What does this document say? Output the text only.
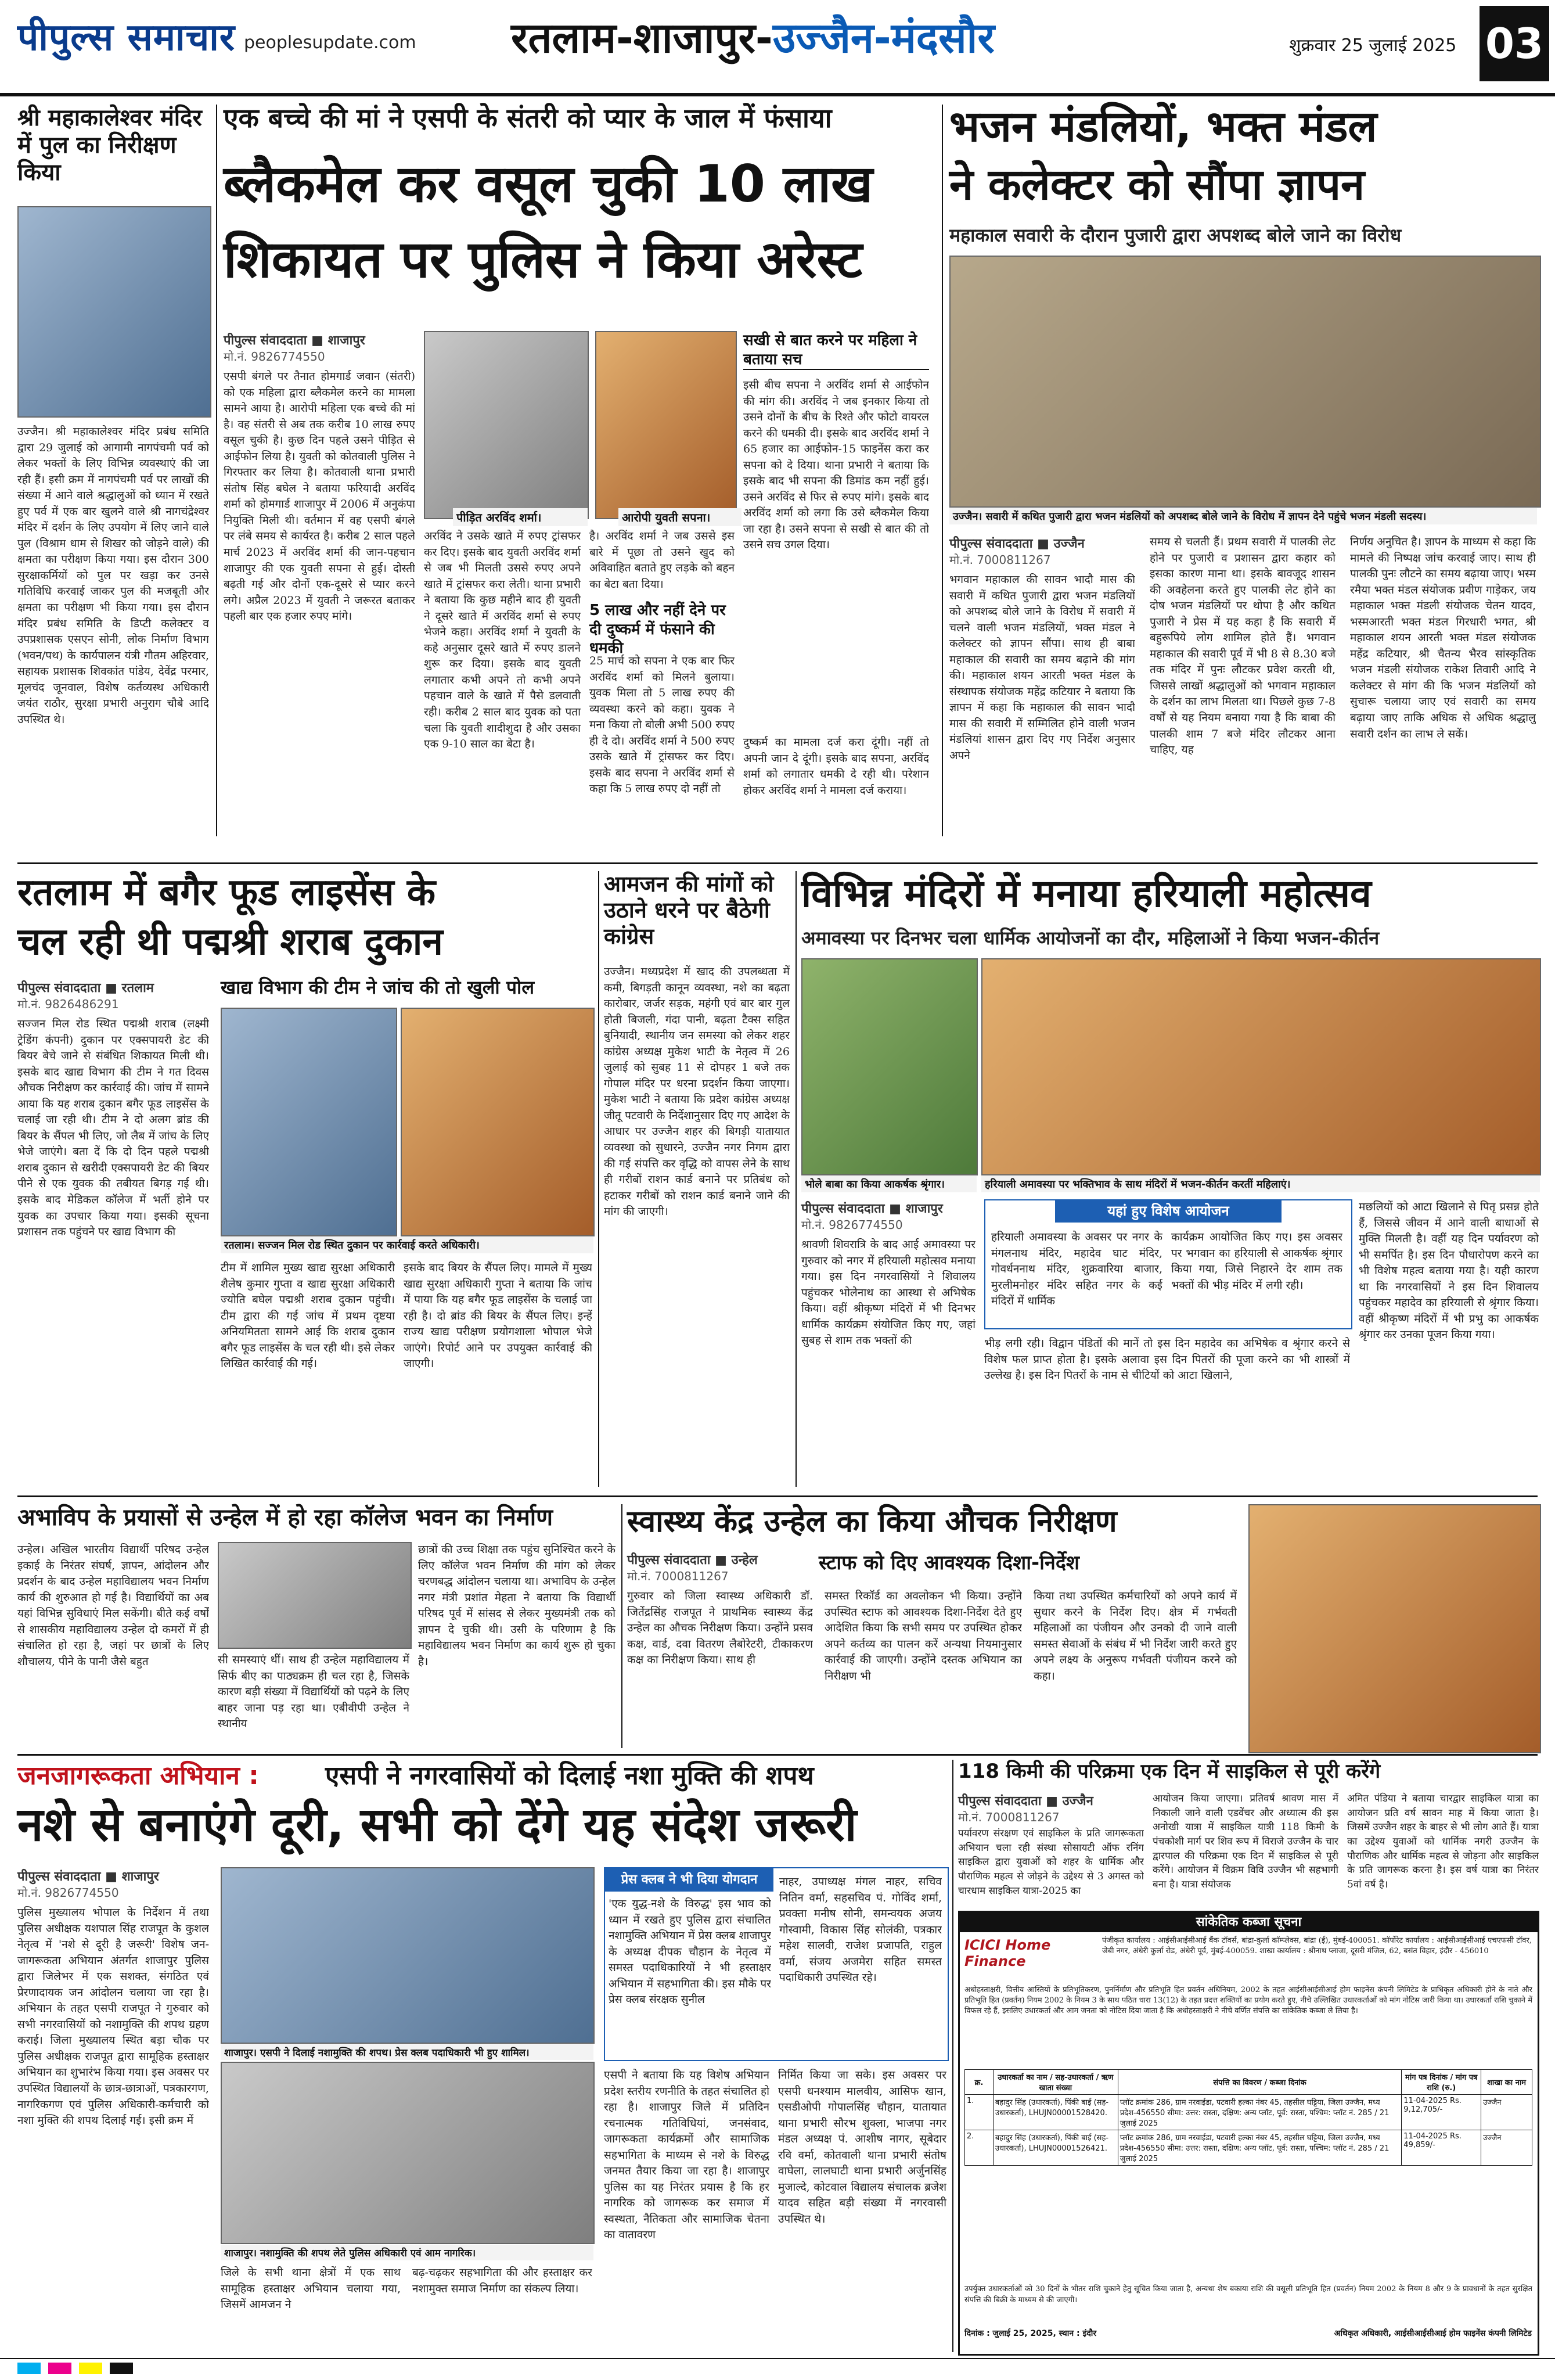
पीपुल्स समाचार peoplesupdate.com रतलाम-शाजापुर-उज्जैन-मंदसौर	शुक्रवार 25 जुलाई 2025 03
श्री महाकालेश्वर मंदिर में पुल का निरीक्षण किया
उज्जैन। श्री महाकालेश्वर मंदिर प्रबंध समिति द्वारा 29 जुलाई को आगामी नागपंचमी पर्व को लेकर भक्तों के लिए विभिन्न व्यवस्थाएं की जा रही हैं। इसी क्रम में नागपंचमी पर्व पर लाखों की संख्या में आने वाले श्रद्धालुओं को ध्यान में रखते हुए पर्व में एक बार खुलने वाले श्री नागचंद्रेश्वर मंदिर में दर्शन के लिए उपयोग में लिए जाने वाले पुल (विश्राम धाम से शिखर को जोड़ने वाले) की क्षमता का परीक्षण किया गया। इस दौरान 300 सुरक्षाकर्मियों को पुल पर खड़ा कर उनसे गतिविधि करवाई जाकर पुल की मजबूती और क्षमता का परीक्षण भी किया गया। इस दौरान मंदिर प्रबंध समिति के डिप्टी कलेक्टर व उपप्रशासक एसएन सोनी, लोक निर्माण विभाग (भवन/पथ) के कार्यपालन यंत्री गौतम अहिरवार, सहायक प्रशासक शिवकांत पांडेय, देवेंद्र परमार, मूलचंद जूनवाल, विशेष कर्तव्यस्थ अधिकारी जयंत राठौर, सुरक्षा प्रभारी अनुराग चौबे आदि उपस्थित थे।
एक बच्चे की मां ने एसपी के संतरी को प्यार के जाल में फंसाया
ब्लैकमेल कर वसूल चुकी 10 लाख
शिकायत पर पुलिस ने किया अरेस्ट
पीपुल्स संवाददाता ■ शाजापुर
मो.नं. 9826774550
एसपी बंगले पर तैनात होमगार्ड जवान (संतरी) को एक महिला द्वारा ब्लैकमेल करने का मामला सामने आया है। आरोपी महिला एक बच्चे की मां है। वह संतरी से अब तक करीब 10 लाख रुपए वसूल चुकी है। कुछ दिन पहले उसने पीड़ित से आईफोन लिया है। युवती को कोतवाली पुलिस ने गिरफ्तार कर लिया है। कोतवाली थाना प्रभारी संतोष सिंह बघेल ने बताया फरियादी अरविंद शर्मा को होमगार्ड शाजापुर में 2006 में अनुकंपा नियुक्ति मिली थी। वर्तमान में वह एसपी बंगले पर लंबे समय से कार्यरत है। करीब 2 साल पहले मार्च 2023 में अरविंद शर्मा की जान-पहचान शाजापुर की एक युवती सपना से हुई। दोस्ती बढ़ती गई और दोनों एक-दूसरे से प्यार करने लगे। अप्रैल 2023 में युवती ने जरूरत बताकर पहली बार एक हजार रुपए मांगे।
पीड़ित अरविंद शर्मा।	आरोपी युवती सपना।
अरविंद ने उसके खाते में रुपए ट्रांसफर कर दिए। इसके बाद युवती अरविंद शर्मा से जब भी मिलती उससे रुपए अपने खाते में ट्रांसफर करा लेती। थाना प्रभारी ने बताया कि कुछ महीने बाद ही युवती ने दूसरे खाते में अरविंद शर्मा से रुपए भेजने कहा। अरविंद शर्मा ने युवती के कहे अनुसार दूसरे खाते में रुपए डालने शुरू कर दिया। इसके बाद युवती लगातार कभी अपने तो कभी अपने पहचान वाले के खाते में पैसे डलवाती रही। करीब 2 साल बाद युवक को पता चला कि युवती शादीशुदा है और उसका एक 9-10 साल का बेटा है।
है। अरविंद शर्मा ने जब उससे इस बारे में पूछा तो उसने खुद को अविवाहित बताते हुए लड़के को बहन का बेटा बता दिया।
5 लाख और नहीं देने पर दी दुष्कर्म में फंसाने की धमकी
25 मार्च को सपना ने एक बार फिर अरविंद शर्मा को मिलने बुलाया। युवक मिला तो 5 लाख रुपए की व्यवस्था करने को कहा। युवक ने मना किया तो बोली अभी 500 रुपए ही दे दो। अरविंद शर्मा ने 500 रुपए उसके खाते में ट्रांसफर कर दिए। इसके बाद सपना ने अरविंद शर्मा से कहा कि 5 लाख रुपए दो नहीं तो
सखी से बात करने पर महिला ने बताया सच
इसी बीच सपना ने अरविंद शर्मा से आईफोन की मांग की। अरविंद ने जब इनकार किया तो उसने दोनों के बीच के रिश्ते और फोटो वायरल करने की धमकी दी। इसके बाद अरविंद शर्मा ने 65 हजार का आईफोन-15 फाइनेंस करा कर सपना को दे दिया। थाना प्रभारी ने बताया कि इसके बाद भी सपना की डिमांड कम नहीं हुई। उसने अरविंद से फिर से रुपए मांगे। इसके बाद अरविंद शर्मा को लगा कि उसे ब्लैकमेल किया जा रहा है। उसने सपना से सखी से बात की तो उसने सच उगल दिया।
दुष्कर्म का मामला दर्ज करा दूंगी। नहीं तो अपनी जान दे दूंगी। इसके बाद सपना, अरविंद शर्मा को लगातार धमकी दे रही थी। परेशान होकर अरविंद शर्मा ने मामला दर्ज कराया।
भजन मंडलियों, भक्त मंडल
ने कलेक्टर को सौंपा ज्ञापन
महाकाल सवारी के दौरान पुजारी द्वारा अपशब्द बोले जाने का विरोध
उज्जैन। सवारी में कथित पुजारी द्वारा भजन मंडलियों को अपशब्द बोले जाने के विरोध में ज्ञापन देने पहुंचे भजन मंडली सदस्य।
पीपुल्स संवाददाता ■ उज्जैन
मो.नं. 7000811267
भगवान महाकाल की सावन भादौ मास की सवारी में कथित पुजारी द्वारा भजन मंडलियों को अपशब्द बोले जाने के विरोध में सवारी में चलने वाली भजन मंडलियों, भक्त मंडल ने कलेक्टर को ज्ञापन सौंपा। साथ ही बाबा महाकाल की सवारी का समय बढ़ाने की मांग की। महाकाल शयन आरती भक्त मंडल के संस्थापक संयोजक महेंद्र कटियार ने बताया कि ज्ञापन में कहा कि महाकाल की सावन भादौ मास की सवारी में सम्मिलित होने वाली भजन मंडलियां शासन द्वारा दिए गए निर्देश अनुसार अपने
समय से चलती हैं। प्रथम सवारी में पालकी लेट होने पर पुजारी व प्रशासन द्वारा कहार को इसका कारण माना था। इसके बावजूद शासन की अवहेलना करते हुए पालकी लेट होने का दोष भजन मंडलियों पर थोपा है और कथित पुजारी ने प्रेस में यह कहा है कि सवारी में बहुरूपिये लोग शामिल होते हैं। भगवान महाकाल की सवारी पूर्व में भी 8 से 8.30 बजे तक मंदिर में पुनः लौटकर प्रवेश करती थी, जिससे लाखों श्रद्धालुओं को भगवान महाकाल के दर्शन का लाभ मिलता था। पिछले कुछ 7-8 वर्षों से यह नियम बनाया गया है कि बाबा की पालकी शाम 7 बजे मंदिर लौटकर आना चाहिए, यह
निर्णय अनुचित है। ज्ञापन के माध्यम से कहा कि मामले की निष्पक्ष जांच करवाई जाए। साथ ही पालकी पुनः लौटने का समय बढ़ाया जाए। भस्म रमैया भक्त मंडल संयोजक प्रवीण गाड़ेकर, जय महाकाल भक्त मंडली संयोजक चेतन यादव, भस्मआरती भक्त मंडल गिरधारी भगत, श्री महाकाल शयन आरती भक्त मंडल संयोजक महेंद्र कटियार, श्री चैतन्य भैरव सांस्कृतिक भजन मंडली संयोजक राकेश तिवारी आदि ने कलेक्टर से मांग की कि भजन मंडलियों को सुचारू चलाया जाए एवं सवारी का समय बढ़ाया जाए ताकि अधिक से अधिक श्रद्धालु सवारी दर्शन का लाभ ले सकें।
रतलाम में बगैर फूड लाइसेंस के
चल रही थी पद्मश्री शराब दुकान
पीपुल्स संवाददाता ■ रतलाम
मो.नं. 9826486291
सज्जन मिल रोड स्थित पद्मश्री शराब (लक्ष्मी ट्रेडिंग कंपनी) दुकान पर एक्सपायरी डेट की बियर बेचे जाने से संबंधित शिकायत मिली थी। इसके बाद खाद्य विभाग की टीम ने गत दिवस औचक निरीक्षण कर कार्रवाई की। जांच में सामने आया कि यह शराब दुकान बगैर फूड लाइसेंस के चलाई जा रही थी। टीम ने दो अलग ब्रांड की बियर के सैंपल भी लिए, जो लैब में जांच के लिए भेजे जाएंगे। बता दें कि दो दिन पहले पद्मश्री शराब दुकान से खरीदी एक्सपायरी डेट की बियर पीने से एक युवक की तबीयत बिगड़ गई थी। इसके बाद मेडिकल कॉलेज में भर्ती होने पर युवक का उपचार किया गया। इसकी सूचना प्रशासन तक पहुंचने पर खाद्य विभाग की
खाद्य विभाग की टीम ने जांच की तो खुली पोल
रतलाम। सज्जन मिल रोड स्थित दुकान पर कार्रवाई करते अधिकारी।
टीम में शामिल मुख्य खाद्य सुरक्षा अधिकारी शैलेष कुमार गुप्ता व खाद्य सुरक्षा अधिकारी ज्योति बघेल पद्मश्री शराब दुकान पहुंची। टीम द्वारा की गई जांच में प्रथम दृष्टया अनियमितता सामने आई कि शराब दुकान बगैर फूड लाइसेंस के चल रही थी। इसे लेकर लिखित कार्रवाई की गई।
इसके बाद बियर के सैंपल लिए। मामले में मुख्य खाद्य सुरक्षा अधिकारी गुप्ता ने बताया कि जांच में पाया कि यह बगैर फूड लाइसेंस के चलाई जा रही है। दो ब्रांड की बियर के सैंपल लिए। इन्हें राज्य खाद्य परीक्षण प्रयोगशाला भोपाल भेजे जाएंगे। रिपोर्ट आने पर उपयुक्त कार्रवाई की जाएगी।
आमजन की मांगों को उठाने धरने पर बैठेगी कांग्रेस
उज्जैन। मध्यप्रदेश में खाद की उपलब्धता में कमी, बिगड़ती कानून व्यवस्था, नशे का बढ़ता कारोबार, जर्जर सड़क, महंगी एवं बार बार गुल होती बिजली, गंदा पानी, बढ़ता टैक्स सहित बुनियादी, स्थानीय जन समस्या को लेकर शहर कांग्रेस अध्यक्ष मुकेश भाटी के नेतृत्व में 26 जुलाई को सुबह 11 से दोपहर 1 बजे तक गोपाल मंदिर पर धरना प्रदर्शन किया जाएगा। मुकेश भाटी ने बताया कि प्रदेश कांग्रेस अध्यक्ष जीतू पटवारी के निर्देशानुसार दिए गए आदेश के आधार पर उज्जैन शहर की बिगड़ी यातायात व्यवस्था को सुधारने, उज्जैन नगर निगम द्वारा की गई संपत्ति कर वृद्धि को वापस लेने के साथ ही गरीबों राशन कार्ड बनाने पर प्रतिबंध को हटाकर गरीबों को राशन कार्ड बनाने जाने की मांग की जाएगी।
विभिन्न मंदिरों में मनाया हरियाली महोत्सव
अमावस्या पर दिनभर चला धार्मिक आयोजनों का दौर, महिलाओं ने किया भजन-कीर्तन
भोले बाबा का किया आकर्षक श्रृंगार।	हरियाली अमावस्या पर भक्तिभाव के साथ मंदिरों में भजन-कीर्तन करतीं महिलाएं।
पीपुल्स संवाददाता ■ शाजापुर
मो.नं. 9826774550
श्रावणी शिवरात्रि के बाद आई अमावस्या पर गुरुवार को नगर में हरियाली महोत्सव मनाया गया। इस दिन नगरवासियों ने शिवालय पहुंचकर भोलेनाथ का आस्था से अभिषेक किया। वहीं श्रीकृष्ण मंदिरों में भी दिनभर धार्मिक कार्यक्रम संयोजित किए गए, जहां सुबह से शाम तक भक्तों की
यहां हुए विशेष आयोजन
हरियाली अमावस्या के अवसर पर नगर के मंगलनाथ मंदिर, महादेव घाट मंदिर, गोवर्धननाथ मंदिर, शुक्रवारिया बाजार, मुरलीमनोहर मंदिर सहित नगर के कई मंदिरों में धार्मिक
कार्यक्रम आयोजित किए गए। इस अवसर पर भगवान का हरियाली से आकर्षक श्रृंगार किया गया, जिसे निहारने देर शाम तक भक्तों की भीड़ मंदिर में लगी रही।
भीड़ लगी रही। विद्वान पंडितों की मानें तो इस दिन महादेव का अभिषेक व श्रृंगार करने से विशेष फल प्राप्त होता है। इसके अलावा इस दिन पितरों की पूजा करने का भी शास्त्रों में उल्लेख है। इस दिन पितरों के नाम से चीटियों को आटा खिलाने,
मछलियों को आटा खिलाने से पितृ प्रसन्न होते हैं, जिससे जीवन में आने वाली बाधाओं से मुक्ति मिलती है। वहीं यह दिन पर्यावरण को भी समर्पित है। इस दिन पौधारोपण करने का भी विशेष महत्व बताया गया है। यही कारण था कि नगरवासियों ने इस दिन शिवालय पहुंचकर महादेव का हरियाली से श्रृंगार किया। वहीं श्रीकृष्ण मंदिरों में भी प्रभु का आकर्षक श्रृंगार कर उनका पूजन किया गया।
अभाविप के प्रयासों से उन्हेल में हो रहा कॉलेज भवन का निर्माण
उन्हेल। अखिल भारतीय विद्यार्थी परिषद उन्हेल इकाई के निरंतर संघर्ष, ज्ञापन, आंदोलन और प्रदर्शन के बाद उन्हेल महाविद्यालय भवन निर्माण कार्य की शुरुआत हो गई है। विद्यार्थियों का अब यहां विभिन्न सुविधाएं मिल सकेंगी। बीते कई वर्षों से शासकीय महाविद्यालय उन्हेल दो कमरों में ही संचालित हो रहा है, जहां पर छात्रों के लिए शौचालय, पीने के पानी जैसे बहुत	सी समस्याएं थीं। साथ ही उन्हेल महाविद्यालय में सिर्फ बीए का पाठ्यक्रम ही चल रहा है, जिसके कारण बड़ी संख्या में विद्यार्थियों को पढ़ने के लिए बाहर जाना पड़ रहा था। एबीवीपी उन्हेल ने स्थानीय
छात्रों की उच्च शिक्षा तक पहुंच सुनिश्चित करने के लिए कॉलेज भवन निर्माण की मांग को लेकर चरणबद्ध आंदोलन चलाया था। अभाविप के उन्हेल नगर मंत्री प्रशांत मेहता ने बताया कि विद्यार्थी परिषद पूर्व में सांसद से लेकर मुख्यमंत्री तक को ज्ञापन दे चुकी थी। उसी के परिणाम है कि महाविद्यालय भवन निर्माण का कार्य शुरू हो चुका है।
स्वास्थ्य केंद्र उन्हेल का किया औचक निरीक्षण
स्टाफ को दिए आवश्यक दिशा-निर्देश
पीपुल्स संवाददाता ■ उन्हेल
मो.नं. 7000811267
गुरुवार को जिला स्वास्थ्य अधिकारी डॉ. जितेंद्रसिंह राजपूत ने प्राथमिक स्वास्थ्य केंद्र उन्हेल का औचक निरीक्षण किया। उन्होंने प्रसव कक्ष, वार्ड, दवा वितरण लैबोरेटरी, टीकाकरण कक्ष का निरीक्षण किया। साथ ही
समस्त रिकॉर्ड का अवलोकन भी किया। उन्होंने उपस्थित स्टाफ को आवश्यक दिशा-निर्देश देते हुए आदेशित किया कि सभी समय पर उपस्थित होकर अपने कर्तव्य का पालन करें अन्यथा नियमानुसार कार्रवाई की जाएगी। उन्होंने दस्तक अभियान का निरीक्षण भी
किया तथा उपस्थित कर्मचारियों को अपने कार्य में सुधार करने के निर्देश दिए। क्षेत्र में गर्भवती महिलाओं का पंजीयन और उनको दी जाने वाली समस्त सेवाओं के संबंध में भी निर्देश जारी करते हुए अपने लक्ष्य के अनुरूप गर्भवती पंजीयन करने को कहा।
जनजागरूकता अभियान :	एसपी ने नगरवासियों को दिलाई नशा मुक्ति की शपथ
नशे से बनाएंगे दूरी, सभी को देंगे यह संदेश जरूरी
पीपुल्स संवाददाता ■ शाजापुर
मो.नं. 9826774550
पुलिस मुख्यालय भोपाल के निर्देशन में तथा पुलिस अधीक्षक यशपाल सिंह राजपूत के कुशल नेतृत्व में 'नशे से दूरी है जरूरी' विशेष जन-जागरूकता अभियान अंतर्गत शाजापुर पुलिस द्वारा जिलेभर में एक सशक्त, संगठित एवं प्रेरणादायक जन आंदोलन चलाया जा रहा है। अभियान के तहत एसपी राजपूत ने गुरुवार को सभी नगरवासियों को नशामुक्ति की शपथ ग्रहण कराई। जिला मुख्यालय स्थित बड़ा चौक पर पुलिस अधीक्षक राजपूत द्वारा सामूहिक हस्ताक्षर अभियान का शुभारंभ किया गया। इस अवसर पर उपस्थित विद्यालयों के छात्र-छात्राओं, पत्रकारगण, नागरिकगण एवं पुलिस अधिकारी-कर्मचारी को नशा मुक्ति की शपथ दिलाई गई। इसी क्रम में
शाजापुर। एसपी ने दिलाई नशामुक्ति की शपथ। प्रेस क्लब पदाधिकारी भी हुए शामिल।
शाजापुर। नशामुक्ति की शपथ लेते पुलिस अधिकारी एवं आम नागरिक।
जिले के सभी थाना क्षेत्रों में एक साथ सामूहिक हस्ताक्षर अभियान चलाया गया, जिसमें आमजन ने
बढ़-चढ़कर सहभागिता की और हस्ताक्षर कर नशामुक्त समाज निर्माण का संकल्प लिया।
प्रेस क्लब ने भी दिया योगदान
'एक युद्ध-नशे के विरुद्ध' इस भाव को ध्यान में रखते हुए पुलिस द्वारा संचालित नशामुक्ति अभियान में प्रेस क्लब शाजापुर के अध्यक्ष दीपक चौहान के नेतृत्व में समस्त पदाधिकारियों ने भी हस्ताक्षर अभियान में सहभागिता की। इस मौके पर प्रेस क्लब संरक्षक सुनील
नाहर, उपाध्यक्ष मंगल नाहर, सचिव नितिन वर्मा, सहसचिव पं. गोविंद शर्मा, प्रवक्ता मनीष सोनी, समन्वयक अजय गोस्वामी, विकास सिंह सोलंकी, पत्रकार महेश सालवी, राजेश प्रजापति, राहुल वर्मा, संजय अजमेरा सहित समस्त पदाधिकारी उपस्थित रहे।
एसपी ने बताया कि यह विशेष अभियान प्रदेश स्तरीय रणनीति के तहत संचालित हो रहा है। शाजापुर जिले में प्रतिदिन रचनात्मक गतिविधियां, जनसंवाद, जागरूकता कार्यक्रमों और सामाजिक सहभागिता के माध्यम से नशे के विरुद्ध जनमत तैयार किया जा रहा है। शाजापुर पुलिस का यह निरंतर प्रयास है कि हर नागरिक को जागरूक कर समाज में स्वस्थता, नैतिकता और सामाजिक चेतना का वातावरण
निर्मित किया जा सके। इस अवसर पर एसपी धनश्याम मालवीय, आसिफ खान, एसडीओपी गोपालसिंह चौहान, यातायात थाना प्रभारी सौरभ शुक्ला, भाजपा नगर मंडल अध्यक्ष पं. आशीष नागर, सूबेदार रवि वर्मा, कोतवाली थाना प्रभारी संतोष वाघेला, लालघाटी थाना प्रभारी अर्जुनसिंह मुजाल्दे, कोटवाल विद्यालय संचालक ब्रजेश यादव सहित बड़ी संख्या में नगरवासी उपस्थित थे।
118 किमी की परिक्रमा एक दिन में साइकिल से पूरी करेंगे
पीपुल्स संवाददाता ■ उज्जैन
मो.नं. 7000811267
पर्यावरण संरक्षण एवं साइकिल के प्रति जागरूकता अभियान चला रही संस्था सोसायटी ऑफ रनिंग साइकिल द्वारा युवाओं को शहर के धार्मिक और पौराणिक महत्व से जोड़ने के उद्देश्य से 3 अगस्त को चारधाम साइकिल यात्रा-2025 का
आयोजन किया जाएगा। प्रतिवर्ष श्रावण मास में निकाली जाने वाली एडवेंचर और अध्यात्म की इस अनोखी यात्रा में साइकिल यात्री 118 किमी के पंचकोशी मार्ग पर शिव रूप में विराजे उज्जैन के चार द्वारपाल की परिक्रमा एक दिन में साइकिल से पूरी करेंगे। आयोजन में विक्रम विवि उज्जैन भी सहभागी बना है। यात्रा संयोजक
अमित पंडिया ने बताया चारद्वार साइकिल यात्रा का आयोजन प्रति वर्ष सावन माह में किया जाता है। जिसमें उज्जैन शहर के बाहर से भी लोग आते हैं। यात्रा का उद्देश्य युवाओं को धार्मिक नगरी उज्जैन के पौराणिक और धार्मिक महत्व से जोड़ना और साइकिल के प्रति जागरूक करना है। इस वर्ष यात्रा का निरंतर 5वां वर्ष है।
सांकेतिक कब्जा सूचना
ICICI Home Finance
पंजीकृत कार्यालय : आईसीआईसीआई बैंक टॉवर्स, बांद्रा-कुर्ला कॉम्प्लेक्स, बांद्रा (ई), मुंबई-400051. कॉर्पोरेट कार्यालय : आईसीआईसीआई एचएफसी टॉवर, जेबी नगर, अंधेरी कुर्ला रोड, अंधेरी पूर्व, मुंबई-400059. शाखा कार्यालय : श्रीनाथ प्लाजा, दूसरी मंजिल, 62, बसंत विहार, इंदौर - 456010
अधोहस्ताक्षरी, वित्तीय आस्तियों के प्रतिभूतिकरण, पुनर्निर्माण और प्रतिभूति हित प्रवर्तन अधिनियम, 2002 के तहत आईसीआईसीआई होम फाइनेंस कंपनी लिमिटेड के प्राधिकृत अधिकारी होने के नाते और प्रतिभूति हित (प्रवर्तन) नियम 2002 के नियम 3 के साथ पठित धारा 13(12) के तहत प्रदत्त शक्तियों का प्रयोग करते हुए, नीचे उल्लिखित उधारकर्ताओं को मांग नोटिस जारी किया था। उधारकर्ता राशि चुकाने में विफल रहे हैं, इसलिए उधारकर्ता और आम जनता को नोटिस दिया जाता है कि अधोहस्ताक्षरी ने नीचे वर्णित संपत्ति का सांकेतिक कब्जा ले लिया है।
क्र.	उधारकर्ता का नाम / सह-उधारकर्ता / ऋण खाता संख्या	संपत्ति का विवरण / कब्जा दिनांक	मांग पत्र दिनांक / मांग पत्र राशि (रु.)	शाखा का नाम
1.	बहादुर सिंह (उधारकर्ता), पिंकी बाई (सह-उधारकर्ता), LHUJN00001528420.	प्लॉट क्रमांक 286, ग्राम नरवाईडा, पटवारी हल्का नंबर 45, तहसील घट्टिया, जिला उज्जैन, मध्य प्रदेश-456550 सीमा: उत्तर: रास्ता, दक्षिण: अन्य प्लॉट, पूर्व: रास्ता, पश्चिम: प्लॉट नं. 285 / 21 जुलाई 2025	11-04-2025 Rs. 9,12,705/-	उज्जैन
2.	बहादुर सिंह (उधारकर्ता), पिंकी बाई (सह-उधारकर्ता), LHUJN00001526421.	प्लॉट क्रमांक 286, ग्राम नरवाईडा, पटवारी हल्का नंबर 45, तहसील घट्टिया, जिला उज्जैन, मध्य प्रदेश-456550 सीमा: उत्तर: रास्ता, दक्षिण: अन्य प्लॉट, पूर्व: रास्ता, पश्चिम: प्लॉट नं. 285 / 21 जुलाई 2025	11-04-2025 Rs. 49,859/-	उज्जैन
उपर्युक्त उधारकर्ताओं को 30 दिनों के भीतर राशि चुकाने हेतु सूचित किया जाता है, अन्यथा शेष बकाया राशि की वसूली प्रतिभूति हित (प्रवर्तन) नियम 2002 के नियम 8 और 9 के प्रावधानों के तहत सुरक्षित संपत्ति की बिक्री के माध्यम से की जाएगी।
दिनांक : जुलाई 25, 2025, स्थान : इंदौर	अधिकृत अधिकारी, आईसीआईसीआई होम फाइनेंस कंपनी लिमिटेड
